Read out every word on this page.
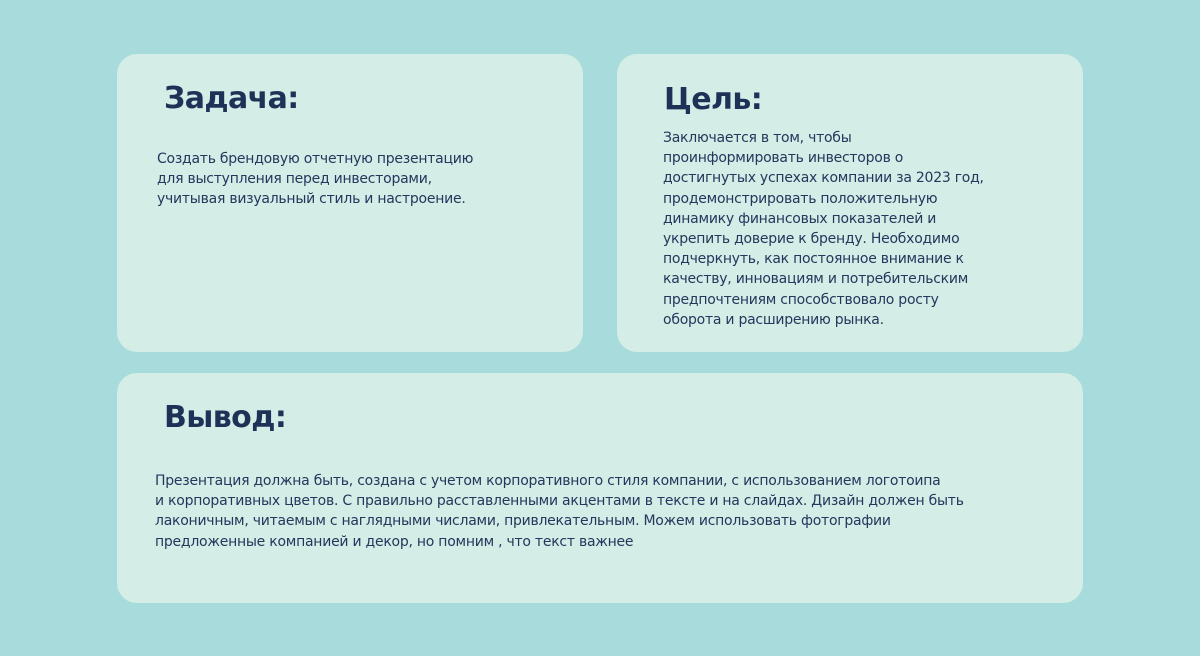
Задача:

Создать брендовую отчетную презентацию
для выступления перед инвесторами,
учитывая визуальный стиль и настроение.

Цель:

Заключается в том, чтобы
проинформировать инвесторов о
достигнутых успехах компании за 2023 год,
продемонстрировать положительную
динамику финансовых показателей и
укрепить доверие к бренду. Необходимо
подчеркнуть, как постоянное внимание к
качеству, инновациям и потребительским
предпочтениям способствовало росту
оборота и расширению рынка.

Вывод:

Презентация должна быть, создана с учетом корпоративного стиля компании, с использованием логотоипа
и корпоративных цветов. С правильно расставленными акцентами в тексте и на слайдах. Дизайн должен быть
лаконичным, читаемым с наглядными числами, привлекательным. Можем использовать фотографии
предложенные компанией и декор, но помним , что текст важнее
